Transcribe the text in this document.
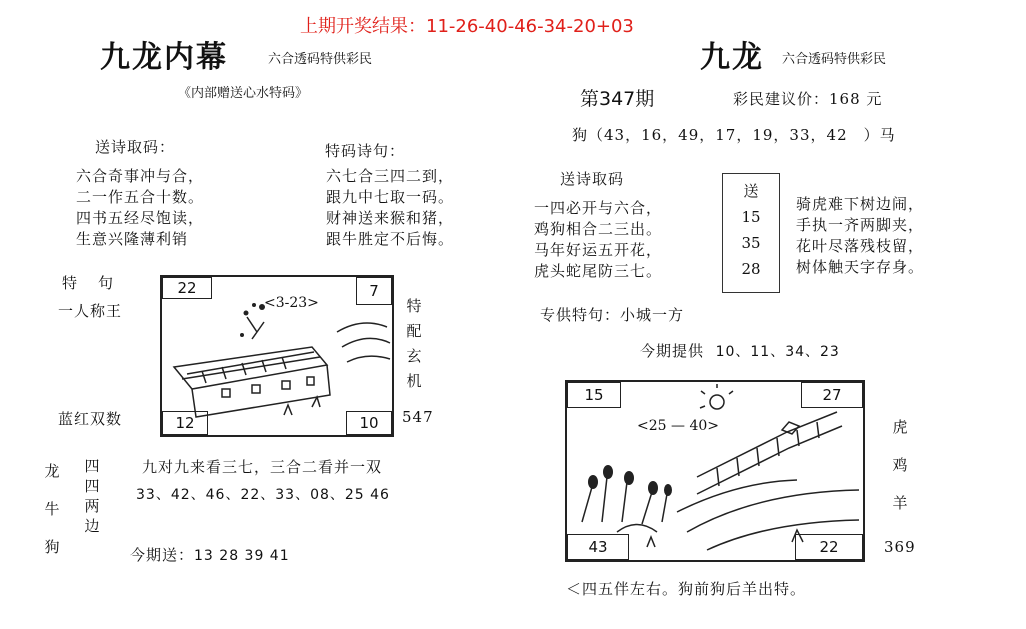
上期开奖结果：11-26-40-46-34-20+03
九龙内幕	六合透码特供彩民
《内部赠送心水特码》
送诗取码：
六合奇事冲与合，
二一作五合十数。
四书五经尽饱读，
生意兴隆薄利销
特码诗句：
六七合三四二到，
跟九中七取一码。
财神送来猴和猪，
跟牛胜定不后悔。
特　句
一人称王
蓝红双数
<3-23>
22	7
12	10
特
配
玄
机
547
龙
牛
狗
四
四
两
边
九对九来看三七，三合二看并一双
33、42、46、22、33、08、25 46
今期送：13 28 39 41
九龙 六合透码特供彩民
第347期	彩民建议价：168 元
狗（43，16，49，17，19，33，42　）马
送诗取码
一四必开与六合，
鸡狗相合二三出。
马年好运五开花，
虎头蛇尾防三七。
送
15
35
28
骑虎难下树边闹，
手执一齐两脚夹，
花叶尽落残枝留，
树体触天字存身。
专供特句：小城一方
今期提供 10、11、34、23
<25 — 40>
15	27
43	22
虎
鸡
羊
369
＜四五伴左右。狗前狗后羊出特。
